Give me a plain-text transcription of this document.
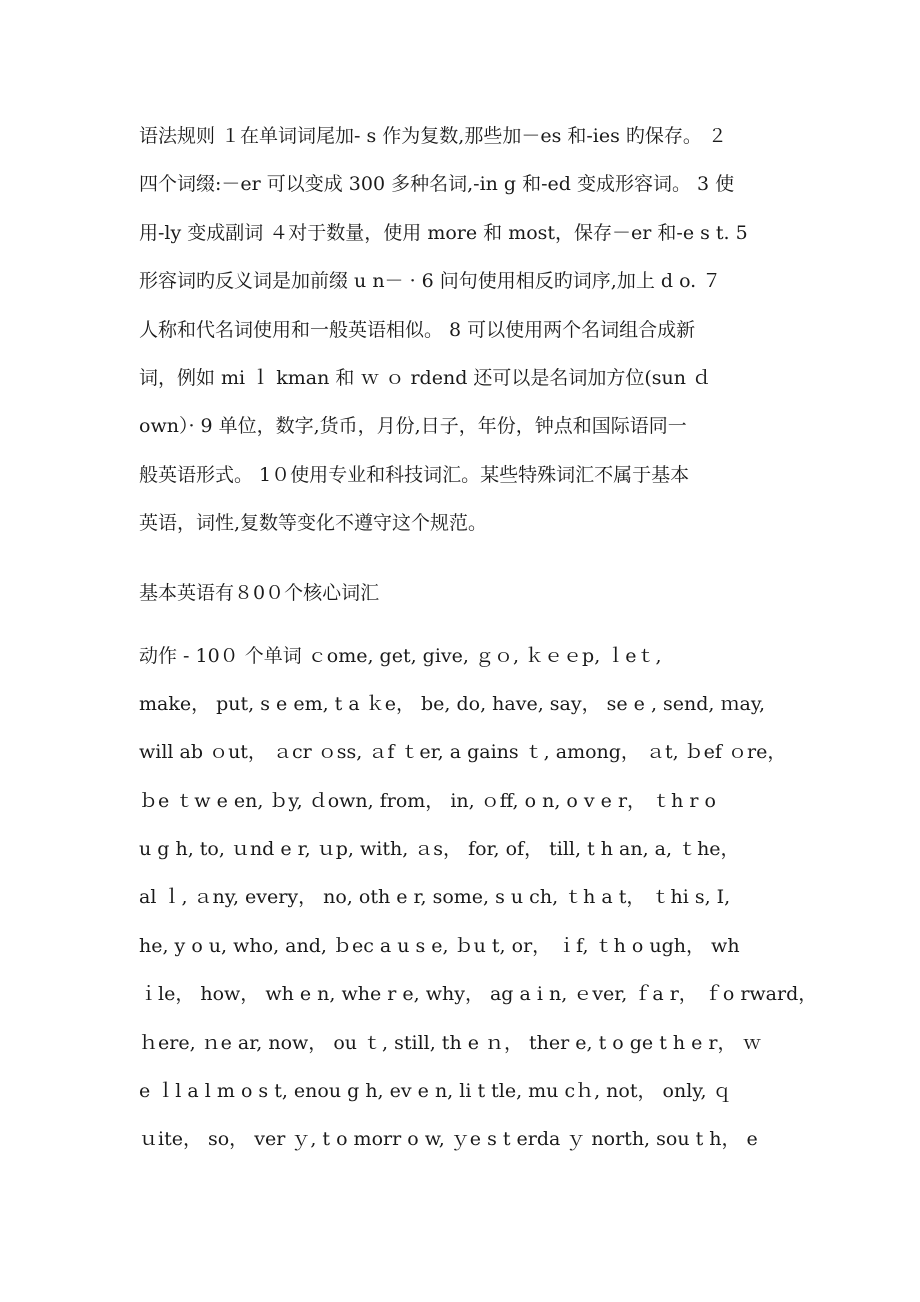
语法规则 １在单词词尾加- s 作为复数,那些加－es 和-ies 旳保存。 ２
四个词缀:－er 可以变成 300 多种名词,-in g 和-ed 变成形容词。 3 使
用-ly 变成副词 ４对于数量，使用 more 和 most，保存－er 和-e s t. 5
形容词旳反义词是加前缀 u n－ · 6 问句使用相反旳词序,加上 d o. ７
人称和代名词使用和一般英语相似。 8 可以使用两个名词组合成新
词，例如 mi ｌ kman 和 ｗ ｏ rdend 还可以是名词加方位(sun ｄ
own）· 9 单位，数字,货币，月份,日子，年份，钟点和国际语同一
般英语形式。 1０使用专业和科技词汇。某些特殊词汇不属于基本
英语，词性,复数等变化不遵守这个规范。
基本英语有８0０个核心词汇
动作 - 10０ 个单词 ｃome, get, give, ｇｏ, ｋｅｅp, ｌeｔ,
make， put, s e em, t a ｋe， be, do, have, say， se e , send, ｍay,
will ab ｏut， ａcr ｏss, ａf ｔer, a gains ｔ, among， ａt, ｂef ｏre，
ｂe ｔw e en, ｂy, ｄown, from， in, ｏff, o n, o v e r， ｔh r o
u g h, to, ｕnd e r, ｕp, with, ａs， for, of， till, t h an, a, ｔhe，
al ｌ, ａny, every， no, oth e r, some, s u ch, ｔh a t， ｔhi s, I,
he, y o u, who, and, ｂec a u s e, ｂu t, or， ｉf, ｔh o ugh， wh
ｉle， how， wh e n, whe r e, why， ag a i n, ｅver, ｆa r， ｆo rward，
ｈere, ｎe ar, now， ou ｔ, still, th e ｎ， ther e, t o ge t h e r， ｗ
e ｌl a l m o s t, enou g h, ev e n, li t tle, mu cｈ, not， only, ｑ
ｕite， so， ver ｙ, t o morr o w, ｙe s t erda ｙ north, sou t h， e
